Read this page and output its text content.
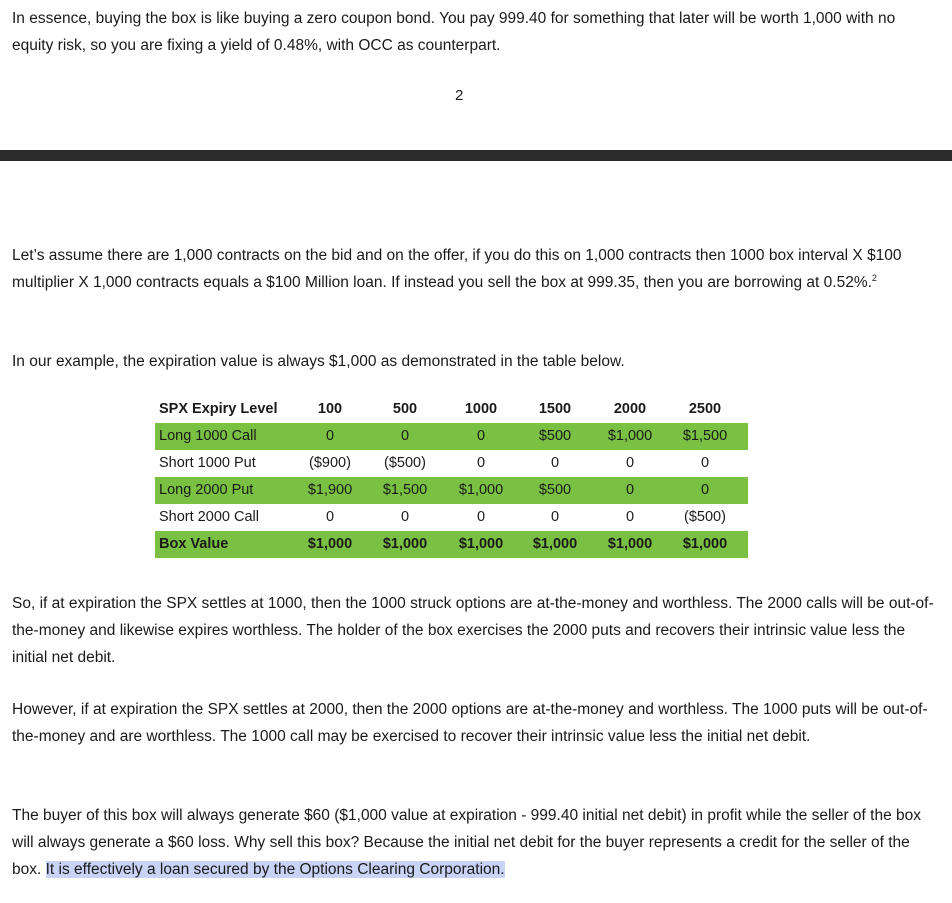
In essence, buying the box is like buying a zero coupon bond. You pay 999.40 for something that later will be worth 1,000 with no equity risk, so you are fixing a yield of 0.48%, with OCC as counterpart.

2

Let’s assume there are 1,000 contracts on the bid and on the offer, if you do this on 1,000 contracts then 1000 box interval X $100 multiplier X 1,000 contracts equals a $100 Million loan. If instead you sell the box at 999.35, then you are borrowing at 0.52%.$^2$

In our example, the expiration value is always $1,000 as demonstrated in the table below.

SPX Expiry Level	100	500	1000	1500	2000	2500
Long 1000 Call	0	0	0	$500	$1,000	$1,500
Short 1000 Put	($900)	($500)	0	0	0	0
Long 2000 Put	$1,900	$1,500	$1,000	$500	0	0
Short 2000 Call	0	0	0	0	0	($500)
Box Value	$1,000	$1,000	$1,000	$1,000	$1,000	$1,000

So, if at expiration the SPX settles at 1000, then the 1000 struck options are at-the-money and worthless. The 2000 calls will be out-of-the-money and likewise expires worthless. The holder of the box exercises the 2000 puts and recovers their intrinsic value less the initial net debit.

However, if at expiration the SPX settles at 2000, then the 2000 options are at-the-money and worthless. The 1000 puts will be out-of-the-money and are worthless. The 1000 call may be exercised to recover their intrinsic value less the initial net debit.

The buyer of this box will always generate $60 ($1,000 value at expiration - 999.40 initial net debit) in profit while the seller of the box will always generate a $60 loss. Why sell this box? Because the initial net debit for the buyer represents a credit for the seller of the box. It is effectively a loan secured by the Options Clearing Corporation.
